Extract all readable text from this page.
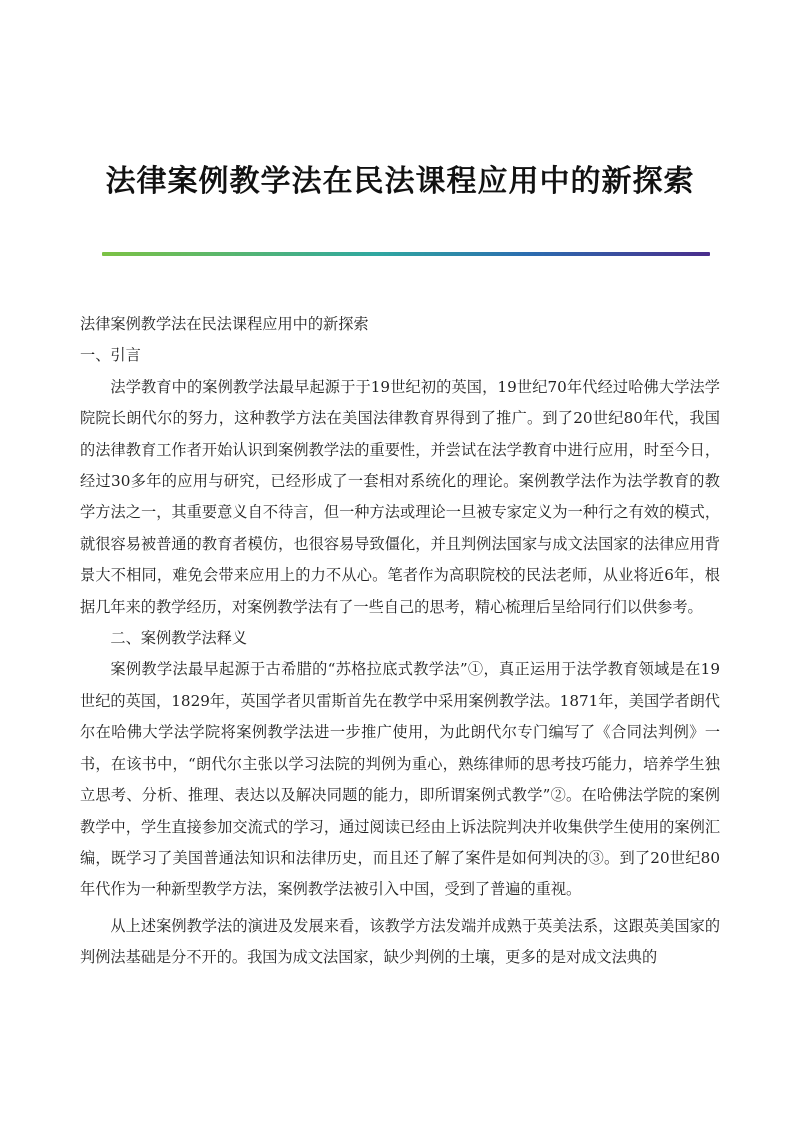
法律案例教学法在民法课程应用中的新探索

法律案例教学法在民法课程应用中的新探索

一、引言

法学教育中的案例教学法最早起源于于19世纪初的英国，19世纪70年代经过哈佛大学法学院院长朗代尔的努力，这种教学方法在美国法律教育界得到了推广。到了20世纪80年代，我国的法律教育工作者开始认识到案例教学法的重要性，并尝试在法学教育中进行应用，时至今日，经过30多年的应用与研究，已经形成了一套相对系统化的理论。案例教学法作为法学教育的教学方法之一，其重要意义自不待言，但一种方法或理论一旦被专家定义为一种行之有效的模式，就很容易被普通的教育者模仿，也很容易导致僵化，并且判例法国家与成文法国家的法律应用背景大不相同，难免会带来应用上的力不从心。笔者作为高职院校的民法老师，从业将近6年，根据几年来的教学经历，对案例教学法有了一些自己的思考，精心梳理后呈给同行们以供参考。

二、案例教学法释义

案例教学法最早起源于古希腊的“苏格拉底式教学法”①，真正运用于法学教育领域是在19世纪的英国，1829年，英国学者贝雷斯首先在教学中采用案例教学法。1871年，美国学者朗代尔在哈佛大学法学院将案例教学法进一步推广使用，为此朗代尔专门编写了《合同法判例》一书，在该书中，“朗代尔主张以学习法院的判例为重心，熟练律师的思考技巧能力，培养学生独立思考、分析、推理、表达以及解决同题的能力，即所谓案例式教学”②。在哈佛法学院的案例教学中，学生直接参加交流式的学习，通过阅读已经由上诉法院判决并收集供学生使用的案例汇编，既学习了美国普通法知识和法律历史，而且还了解了案件是如何判决的③。到了20世纪80年代作为一种新型教学方法，案例教学法被引入中国，受到了普遍的重视。

从上述案例教学法的演进及发展来看，该教学方法发端并成熟于英美法系，这跟英美国家的判例法基础是分不开的。我国为成文法国家，缺少判例的土壤，更多的是对成文法典的
